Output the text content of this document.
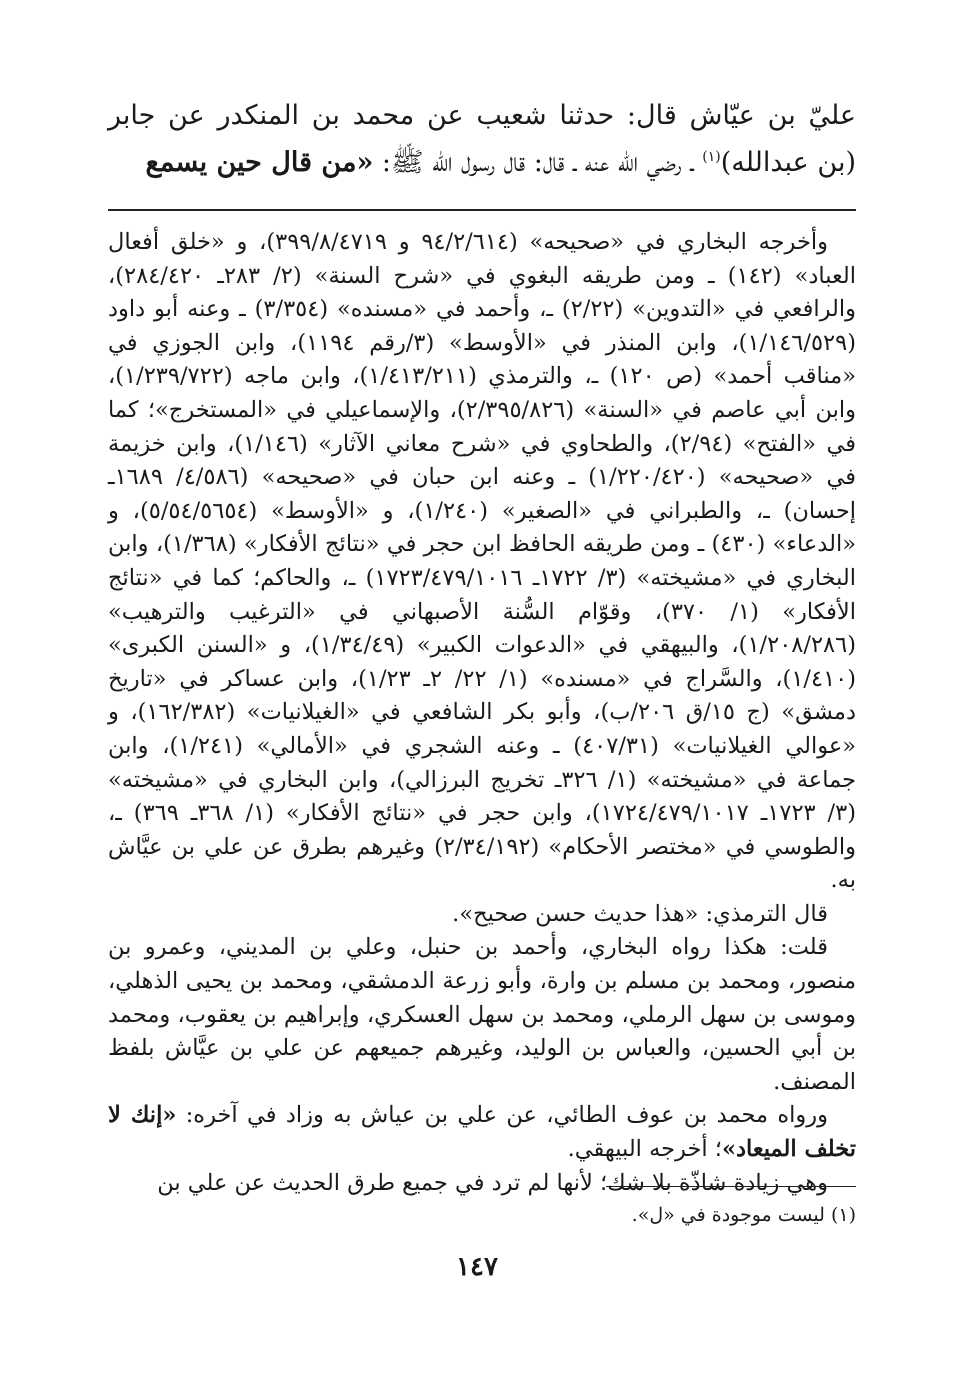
عليّ بن عيّاش قال: حدثنا شعيب عن محمد بن المنكدر عن جابر (بن عبدالله)$^{(١)}$ ـ رضي الله عنه ـ قال: قال رسول الله ﷺ: «من قال حين يسمع

وأخرجه البخاري في «صحيحه» (٩٤/٢/٦١٤ و ٣٩٩/٨/٤٧١٩)، و «خلق أفعال العباد» (١٤٢) ـ ومن طريقه البغوي في «شرح السنة» (٢/ ٢٨٣ـ ٢٨٤/٤٢٠)، والرافعي في «التدوين» (٢/٢٢) ـ، وأحمد في «مسنده» (٣/٣٥٤) ـ وعنه أبو داود (١/١٤٦/٥٢٩)، وابن المنذر في «الأوسط» (٣/رقم ١١٩٤)، وابن الجوزي في «مناقب أحمد» (ص ١٢٠) ـ، والترمذي (١/٤١٣/٢١١)، وابن ماجه (١/٢٣٩/٧٢٢)، وابن أبي عاصم في «السنة» (٢/٣٩٥/٨٢٦)، والإسماعيلي في «المستخرج»؛ كما في «الفتح» (٢/٩٤)، والطحاوي في «شرح معاني الآثار» (١/١٤٦)، وابن خزيمة في «صحيحه» (١/٢٢٠/٤٢٠) ـ وعنه ابن حبان في «صحيحه» (٤/٥٨٦/ ١٦٨٩ـ إحسان) ـ، والطبراني في «الصغير» (١/٢٤٠)، و «الأوسط» (٥/٥٤/٥٦٥٤)، و «الدعاء» (٤٣٠) ـ ومن طريقه الحافظ ابن حجر في «نتائج الأفكار» (١/٣٦٨)، وابن البخاري في «مشيخته» (٣/ ١٧٢٢ـ ١٧٢٣/٤٧٩/١٠١٦) ـ، والحاكم؛ كما في «نتائج الأفكار» (١/ ٣٧٠)، وقوّام السُّنة الأصبهاني في «الترغيب والترهيب» (١/٢٠٨/٢٨٦)، والبيهقي في «الدعوات الكبير» (١/٣٤/٤٩)، و «السنن الكبرى» (١/٤١٠)، والسَّراج في «مسنده» (١/ ٢٢/ ٢ـ ١/٢٣)، وابن عساكر في «تاريخ دمشق» (ج ١٥/ق ٢٠٦/ب)، وأبو بكر الشافعي في «الغيلانيات» (١٦٢/٣٨٢)، و «عوالي الغيلانيات» (٤٠٧/٣١) ـ وعنه الشجري في «الأمالي» (١/٢٤١)، وابن جماعة في «مشيخته» (١/ ٣٢٦ـ تخريج البرزالي)، وابن البخاري في «مشيخته» (٣/ ١٧٢٣ـ ١٧٢٤/٤٧٩/١٠١٧)، وابن حجر في «نتائج الأفكار» (١/ ٣٦٨ـ ٣٦٩) ـ، والطوسي في «مختصر الأحكام» (٢/٣٤/١٩٢) وغيرهم بطرق عن علي بن عيَّاش به.

قال الترمذي: «هذا حديث حسن صحيح».

قلت: هكذا رواه البخاري، وأحمد بن حنبل، وعلي بن المديني، وعمرو بن منصور، ومحمد بن مسلم بن وارة، وأبو زرعة الدمشقي، ومحمد بن يحيى الذهلي، وموسى بن سهل الرملي، ومحمد بن سهل العسكري، وإبراهيم بن يعقوب، ومحمد بن أبي الحسين، والعباس بن الوليد، وغيرهم جميعهم عن علي بن عيَّاش بلفظ المصنف.

ورواه محمد بن عوف الطائي، عن علي بن عياش به وزاد في آخره: «إنك لا تخلف الميعاد»؛ أخرجه البيهقي.

وهي زيادة شاذّة بلا شك؛ لأنها لم ترد في جميع طرق الحديث عن علي بن

(١) ليست موجودة في «ل».

١٤٧
